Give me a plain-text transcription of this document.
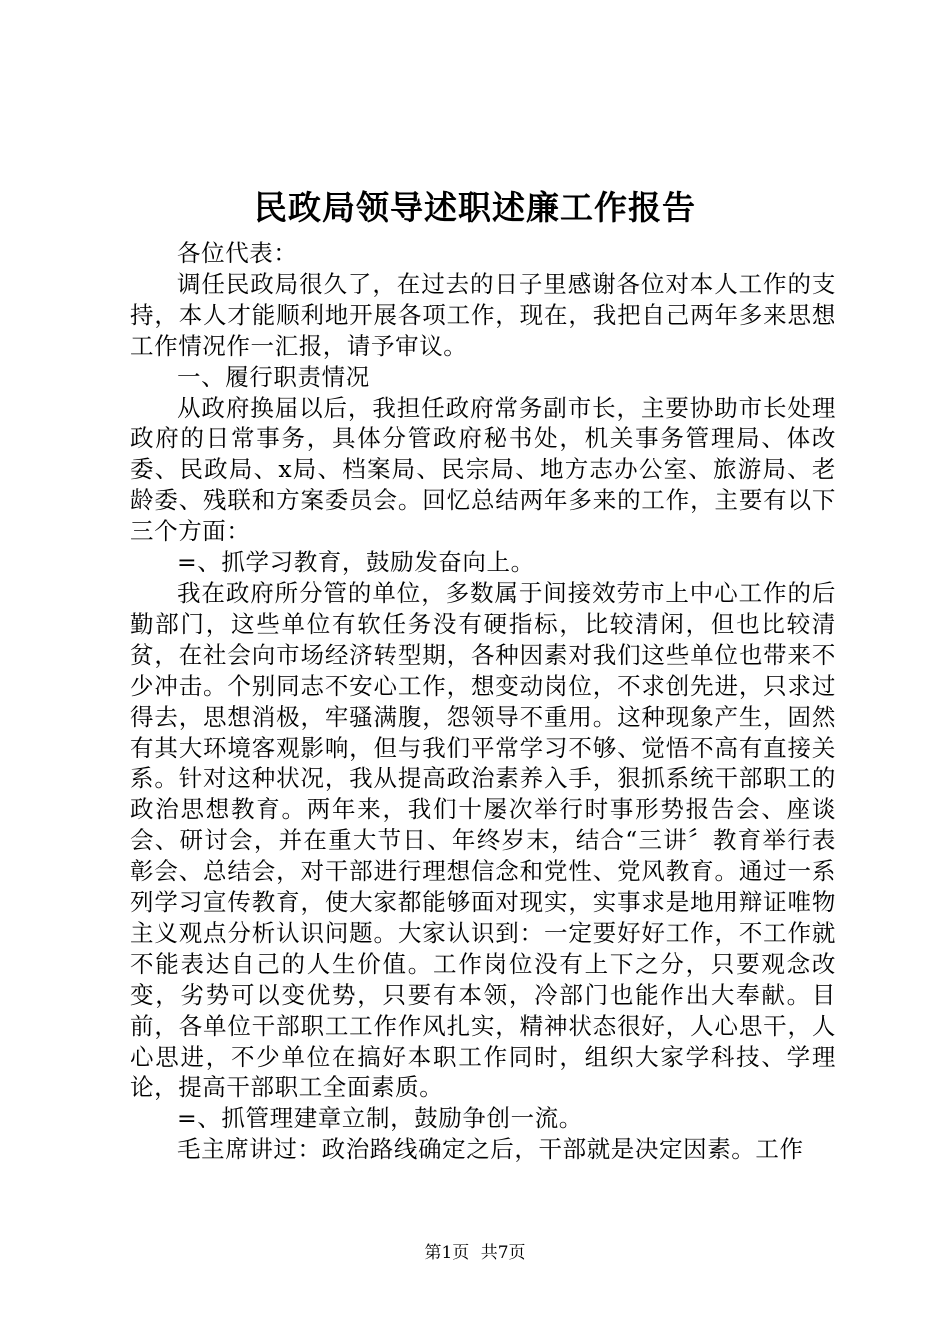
民政局领导述职述廉工作报告

各位代表：

调任民政局很久了，在过去的日子里感谢各位对本人工作的支持，本人才能顺利地开展各项工作，现在，我把自己两年多来思想工作情况作一汇报，请予审议。

一、履行职责情况

从政府换届以后，我担任政府常务副市长，主要协助市长处理政府的日常事务，具体分管政府秘书处，机关事务管理局、体改委、民政局、x局、档案局、民宗局、地方志办公室、旅游局、老龄委、残联和方案委员会。回忆总结两年多来的工作，主要有以下三个方面：

=、抓学习教育，鼓励发奋向上。

我在政府所分管的单位，多数属于间接效劳市上中心工作的后勤部门，这些单位有软任务没有硬指标，比较清闲，但也比较清贫，在社会向市场经济转型期，各种因素对我们这些单位也带来不少冲击。个别同志不安心工作，想变动岗位，不求创先进，只求过得去，思想消极，牢骚满腹，怨领导不重用。这种现象产生，固然有其大环境客观影响，但与我们平常学习不够、觉悟不高有直接关系。针对这种状况，我从提高政治素养入手，狠抓系统干部职工的政治思想教育。两年来，我们十屡次举行时事形势报告会、座谈会、研讨会，并在重大节日、年终岁末，结合“三讲〞教育举行表彰会、总结会，对干部进行理想信念和党性、党风教育。通过一系列学习宣传教育，使大家都能够面对现实，实事求是地用辩证唯物主义观点分析认识问题。大家认识到：一定要好好工作，不工作就不能表达自己的人生价值。工作岗位没有上下之分，只要观念改变，劣势可以变优势，只要有本领，冷部门也能作出大奉献。目前，各单位干部职工工作作风扎实，精神状态很好，人心思干，人心思进，不少单位在搞好本职工作同时，组织大家学科技、学理论，提高干部职工全面素质。

=、抓管理建章立制，鼓励争创一流。

毛主席讲过：政治路线确定之后，干部就是决定因素。工作

第1页 共7页
